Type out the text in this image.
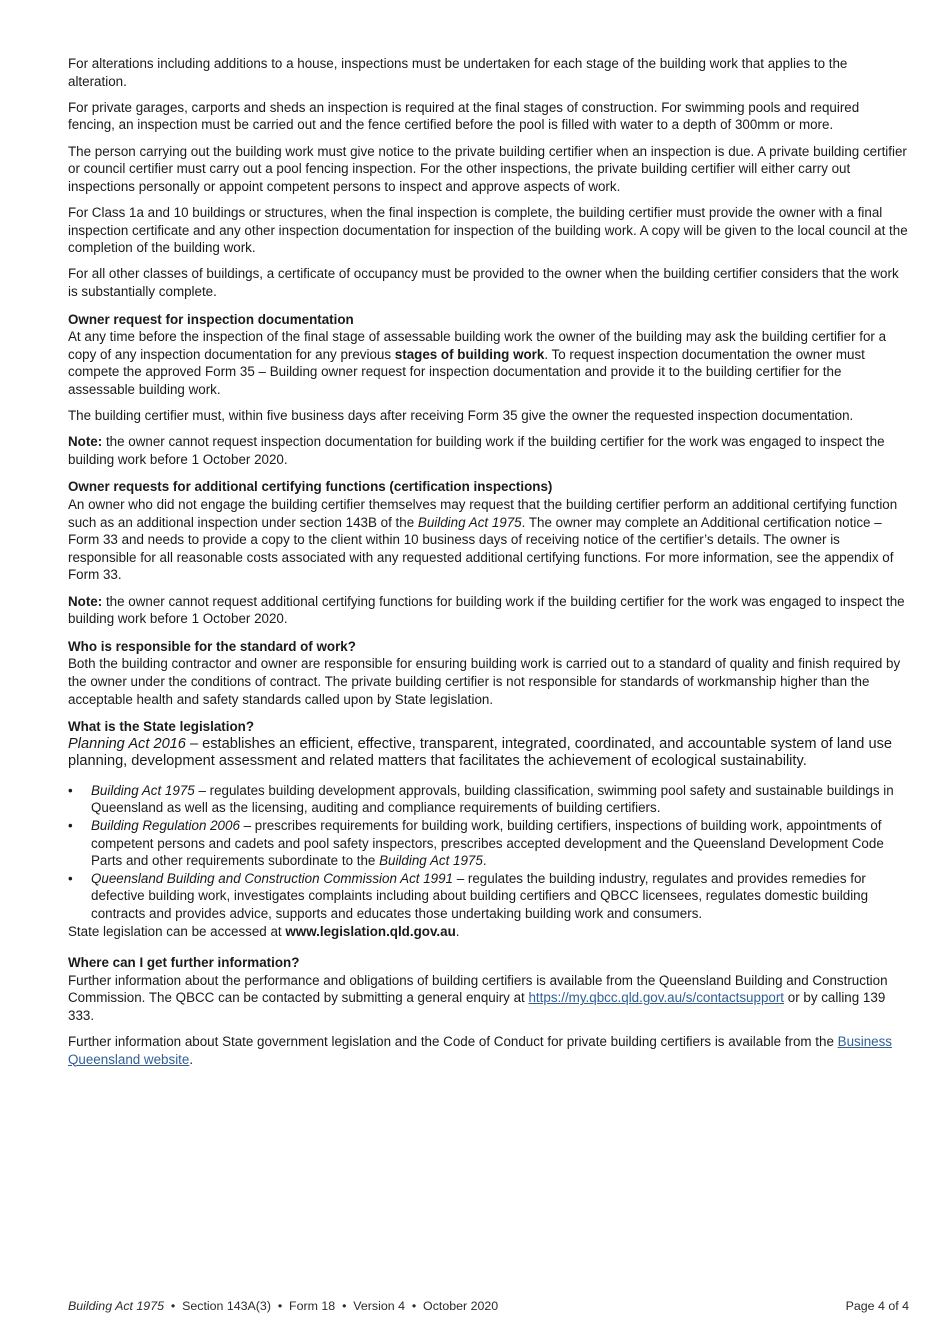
For alterations including additions to a house, inspections must be undertaken for each stage of the building work that applies to the alteration.

For private garages, carports and sheds an inspection is required at the final stages of construction. For swimming pools and required fencing, an inspection must be carried out and the fence certified before the pool is filled with water to a depth of 300mm or more.

The person carrying out the building work must give notice to the private building certifier when an inspection is due. A private building certifier or council certifier must carry out a pool fencing inspection. For the other inspections, the private building certifier will either carry out inspections personally or appoint competent persons to inspect and approve aspects of work.

For Class 1a and 10 buildings or structures, when the final inspection is complete, the building certifier must provide the owner with a final inspection certificate and any other inspection documentation for inspection of the building work. A copy will be given to the local council at the completion of the building work.

For all other classes of buildings, a certificate of occupancy must be provided to the owner when the building certifier considers that the work is substantially complete.

Owner request for inspection documentation

At any time before the inspection of the final stage of assessable building work the owner of the building may ask the building certifier for a copy of any inspection documentation for any previous stages of building work. To request inspection documentation the owner must compete the approved Form 35 – Building owner request for inspection documentation and provide it to the building certifier for the assessable building work.

The building certifier must, within five business days after receiving Form 35 give the owner the requested inspection documentation.

Note: the owner cannot request inspection documentation for building work if the building certifier for the work was engaged to inspect the building work before 1 October 2020.

Owner requests for additional certifying functions (certification inspections)

An owner who did not engage the building certifier themselves may request that the building certifier perform an additional certifying function such as an additional inspection under section 143B of the Building Act 1975. The owner may complete an Additional certification notice –Form 33 and needs to provide a copy to the client within 10 business days of receiving notice of the certifier’s details. The owner is responsible for all reasonable costs associated with any requested additional certifying functions. For more information, see the appendix of Form 33.

Note: the owner cannot request additional certifying functions for building work if the building certifier for the work was engaged to inspect the building work before 1 October 2020.

Who is responsible for the standard of work?

Both the building contractor and owner are responsible for ensuring building work is carried out to a standard of quality and finish required by the owner under the conditions of contract. The private building certifier is not responsible for standards of workmanship higher than the acceptable health and safety standards called upon by State legislation.

What is the State legislation?

Planning Act 2016 – establishes an efficient, effective, transparent, integrated, coordinated, and accountable system of land use planning, development assessment and related matters that facilitates the achievement of ecological sustainability.

• Building Act 1975 – regulates building development approvals, building classification, swimming pool safety and sustainable buildings in Queensland as well as the licensing, auditing and compliance requirements of building certifiers.
• Building Regulation 2006 – prescribes requirements for building work, building certifiers, inspections of building work, appointments of competent persons and cadets and pool safety inspectors, prescribes accepted development and the Queensland Development Code Parts and other requirements subordinate to the Building Act 1975.
• Queensland Building and Construction Commission Act 1991 – regulates the building industry, regulates and provides remedies for defective building work, investigates complaints including about building certifiers and QBCC licensees, regulates domestic building contracts and provides advice, supports and educates those undertaking building work and consumers.

State legislation can be accessed at www.legislation.qld.gov.au.

Where can I get further information?

Further information about the performance and obligations of building certifiers is available from the Queensland Building and Construction Commission. The QBCC can be contacted by submitting a general enquiry at https://my.qbcc.qld.gov.au/s/contactsupport or by calling 139 333.

Further information about State government legislation and the Code of Conduct for private building certifiers is available from the Business Queensland website.

Building Act 1975  •  Section 143A(3)  •  Form 18  •  Version 4  •  October 2020	Page 4 of 4
